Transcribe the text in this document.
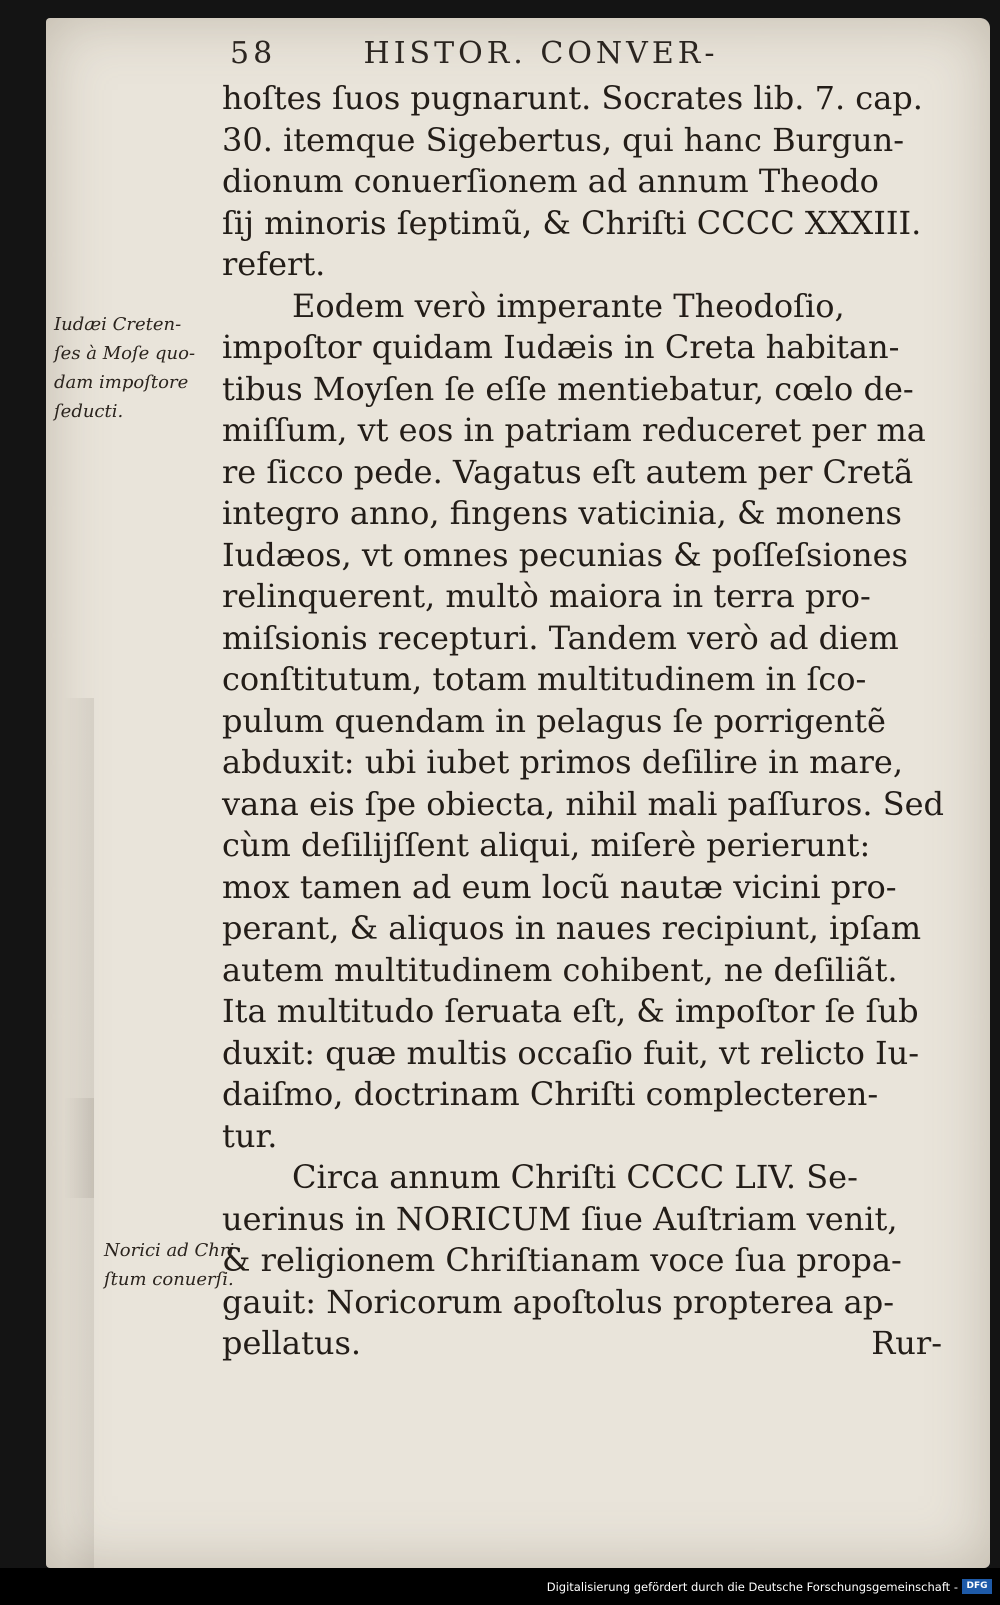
58	HISTOR. CONVER-
hoſtes ſuos pugnarunt. Socrates lib. 7. cap.
30. itemque Sigebertus, qui hanc Burgun-
dionum conuerſionem ad annum Theodo
ſij minoris ſeptimũ, & Chriſti CCCC XXXIII.
refert.
Eodem verò imperante Theodoſio,
impoſtor quidam Iudæis in Creta habitan-
tibus Moyſen ſe eſſe mentiebatur, cœlo de-
miſſum, vt eos in patriam reduceret per ma
re ſicco pede. Vagatus eſt autem per Cretã
integro anno, fingens vaticinia, & monens
Iudæos, vt omnes pecunias & poſſeſsiones
relinquerent, multò maiora in terra pro-
miſsionis recepturi. Tandem verò ad diem
conſtitutum, totam multitudinem in ſco-
pulum quendam in pelagus ſe porrigentẽ
abduxit: ubi iubet primos deſilire in mare,
vana eis ſpe obiecta, nihil mali paſſuros. Sed
cùm deſilijſſent aliqui, miſerè perierunt:
mox tamen ad eum locũ nautæ vicini pro-
perant, & aliquos in naues recipiunt, ipſam
autem multitudinem cohibent, ne deſiliãt.
Ita multitudo ſeruata eſt, & impoſtor ſe ſub
duxit: quæ multis occaſio fuit, vt relicto Iu-
daiſmo, doctrinam Chriſti complecteren-
tur.
Circa annum Chriſti CCCC LIV. Se-
uerinus in NORICUM ſiue Auſtriam venit,
& religionem Chriſtianam voce ſua propa-
gauit: Noricorum apoſtolus propterea ap-
pellatus.	Rur-
Iudæi Creten-
ſes à Moſe quo-
dam impoſtore
ſeducti.
Norici ad Chri
ſtum conuerſi.
Digitalisierung gefördert durch die Deutsche Forschungsgemeinschaft - DFG
